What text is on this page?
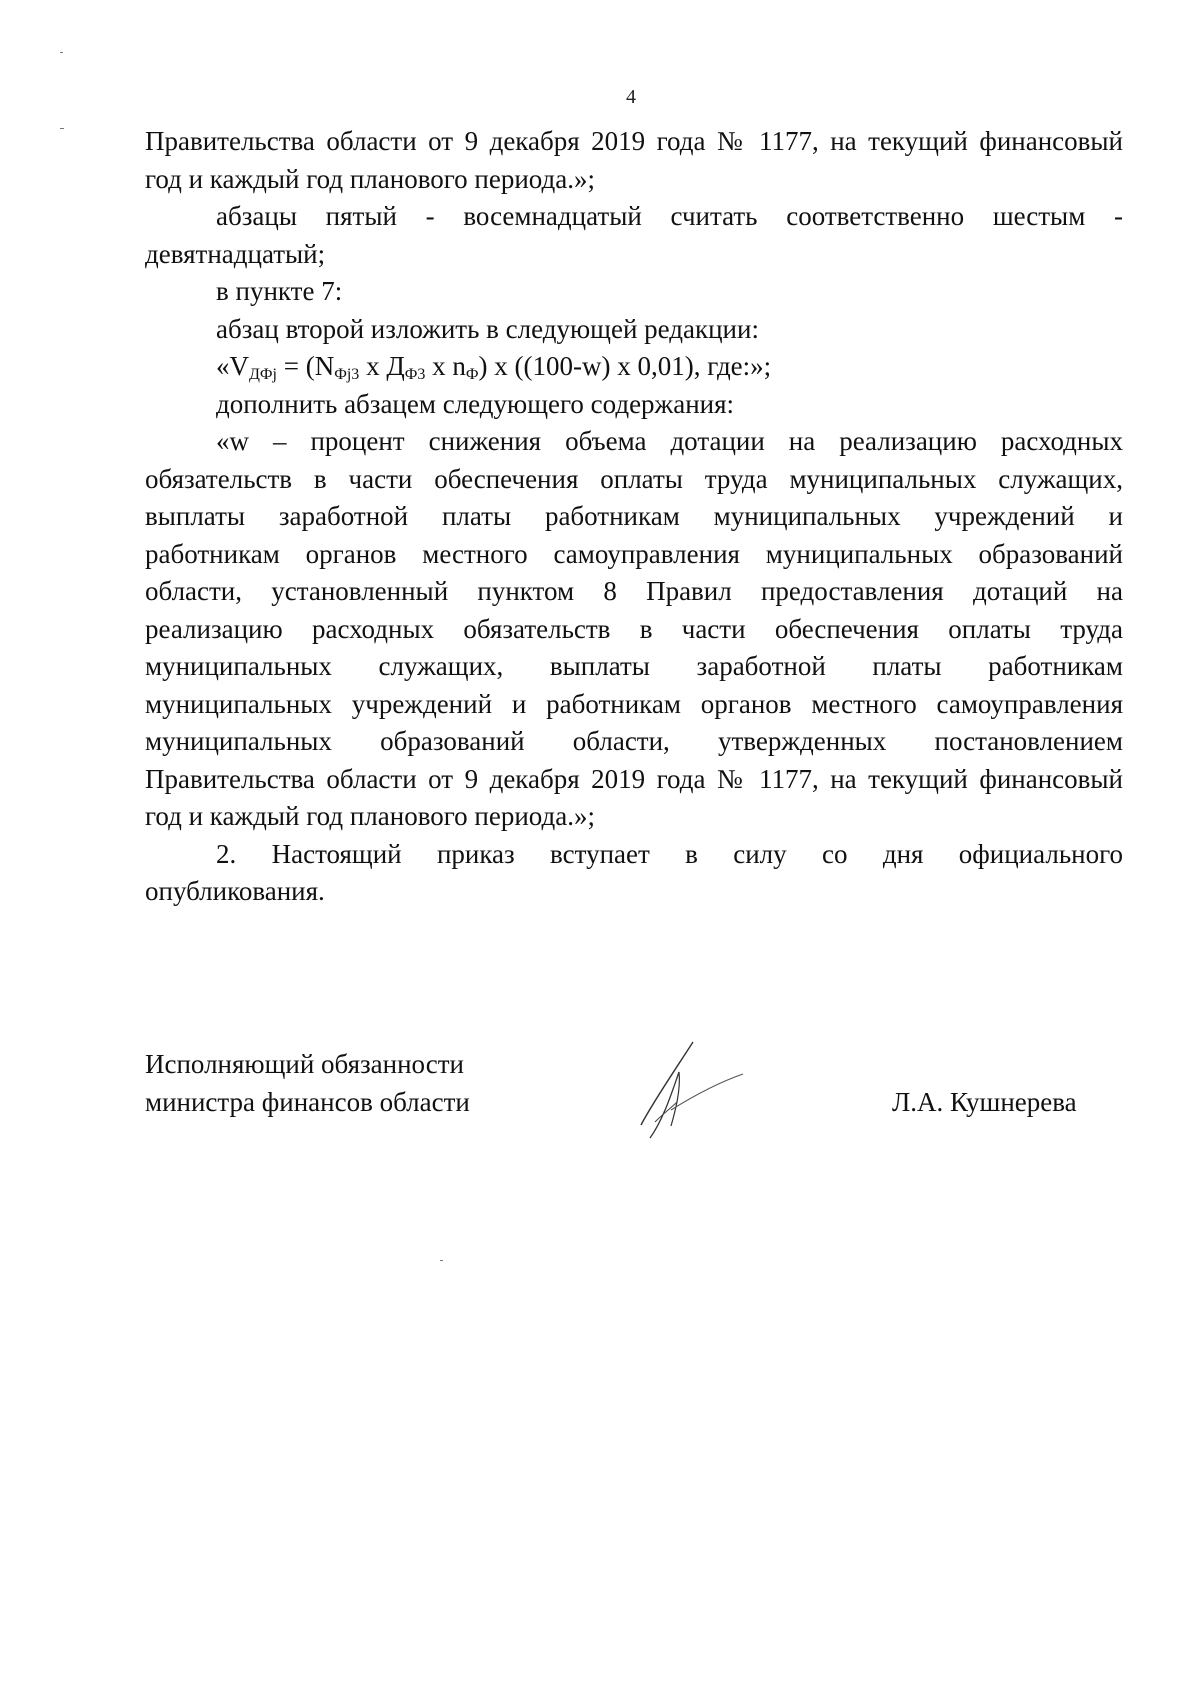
4
Правительства области от 9 декабря 2019 года № 1177, на текущий финансовый
год и каждый год планового периода.»;
абзацы пятый - восемнадцатый считать соответственно шестым -
девятнадцатый;
в пункте 7:
абзац второй изложить в следующей редакции:
«$V_{ДФj} = (N_{Фj3}$ x $Д_{Ф3}$ x $n_Ф$) x ((100-w) x 0,01), где:»;
дополнить абзацем следующего содержания:
«w – процент снижения объема дотации на реализацию расходных
обязательств в части обеспечения оплаты труда муниципальных служащих,
выплаты заработной платы работникам муниципальных учреждений и
работникам органов местного самоуправления муниципальных образований
области, установленный пунктом 8 Правил предоставления дотаций на
реализацию расходных обязательств в части обеспечения оплаты труда
муниципальных служащих, выплаты заработной платы работникам
муниципальных учреждений и работникам органов местного самоуправления
муниципальных образований области, утвержденных постановлением
Правительства области от 9 декабря 2019 года № 1177, на текущий финансовый
год и каждый год планового периода.»;
2. Настоящий приказ вступает в силу со дня официального
опубликования.
Исполняющий обязанности
министра финансов области	Л.А. Кушнерева
